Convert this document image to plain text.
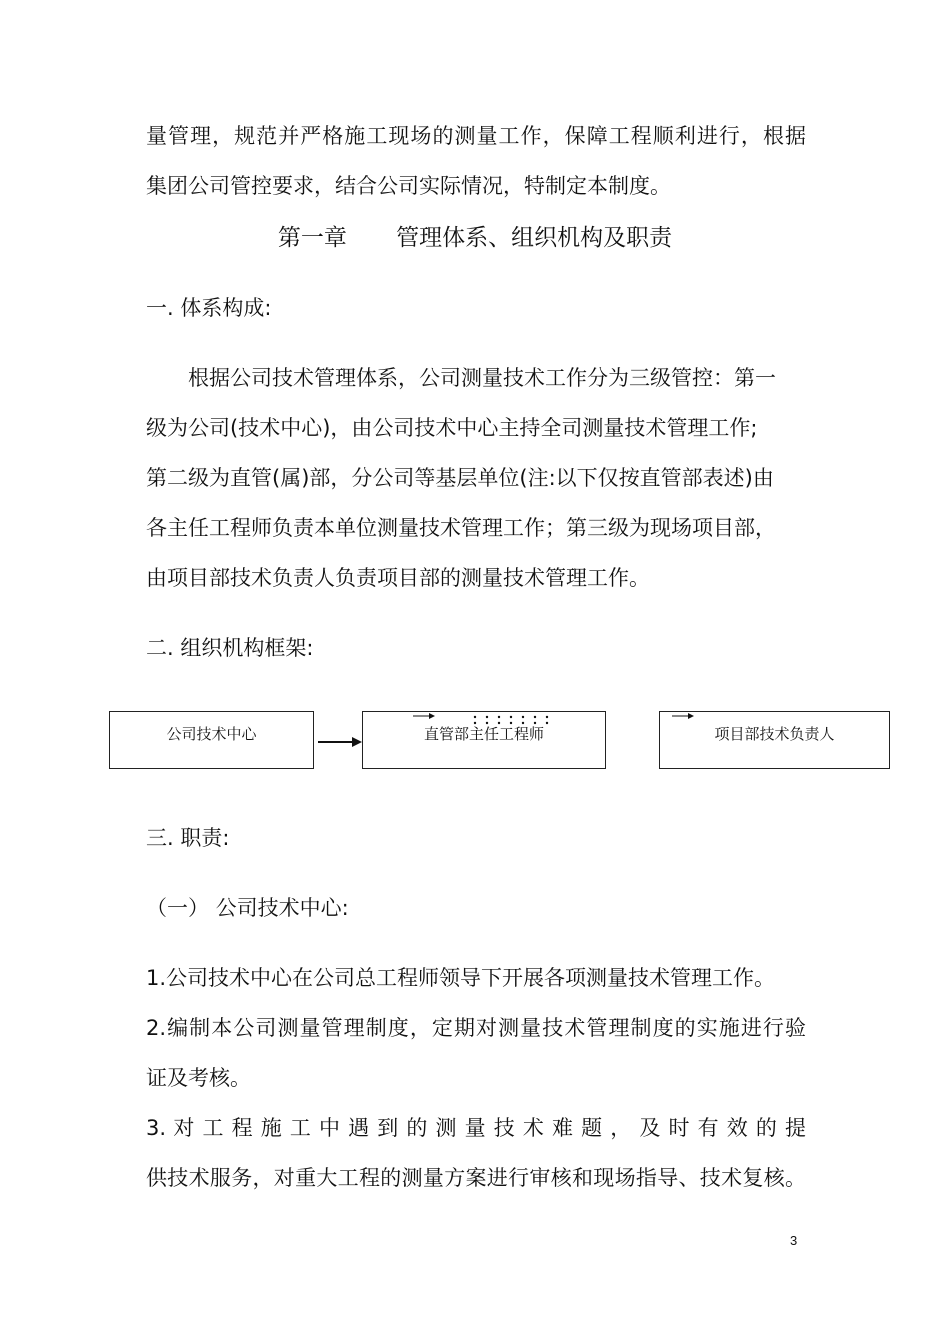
量管理，规范并严格施工现场的测量工作，保障工程顺利进行，根据
集团公司管控要求，结合公司实际情况，特制定本制度。
第一章 管理体系、组织机构及职责
一. 体系构成:
根据公司技术管理体系，公司测量技术工作分为三级管控：第一
级为公司(技术中心)，由公司技术中心主持全司测量技术管理工作;
第二级为直管(属)部，分公司等基层单位(注:以下仅按直管部表述)由
各主任工程师负责本单位测量技术管理工作；第三级为现场项目部，
由项目部技术负责人负责项目部的测量技术管理工作。
二. 组织机构框架:
公司技术中心	直管部主任工程师	项目部技术负责人
三. 职责:
（一） 公司技术中心:
1.公司技术中心在公司总工程师领导下开展各项测量技术管理工作。
2.编制本公司测量管理制度，定期对测量技术管理制度的实施进行验
证及考核。
3. 对 工 程 施 工 中 遇 到 的 测 量 技 术 难 题 ， 及 时 有 效 的 提
供技术服务，对重大工程的测量方案进行审核和现场指导、技术复核。
3
